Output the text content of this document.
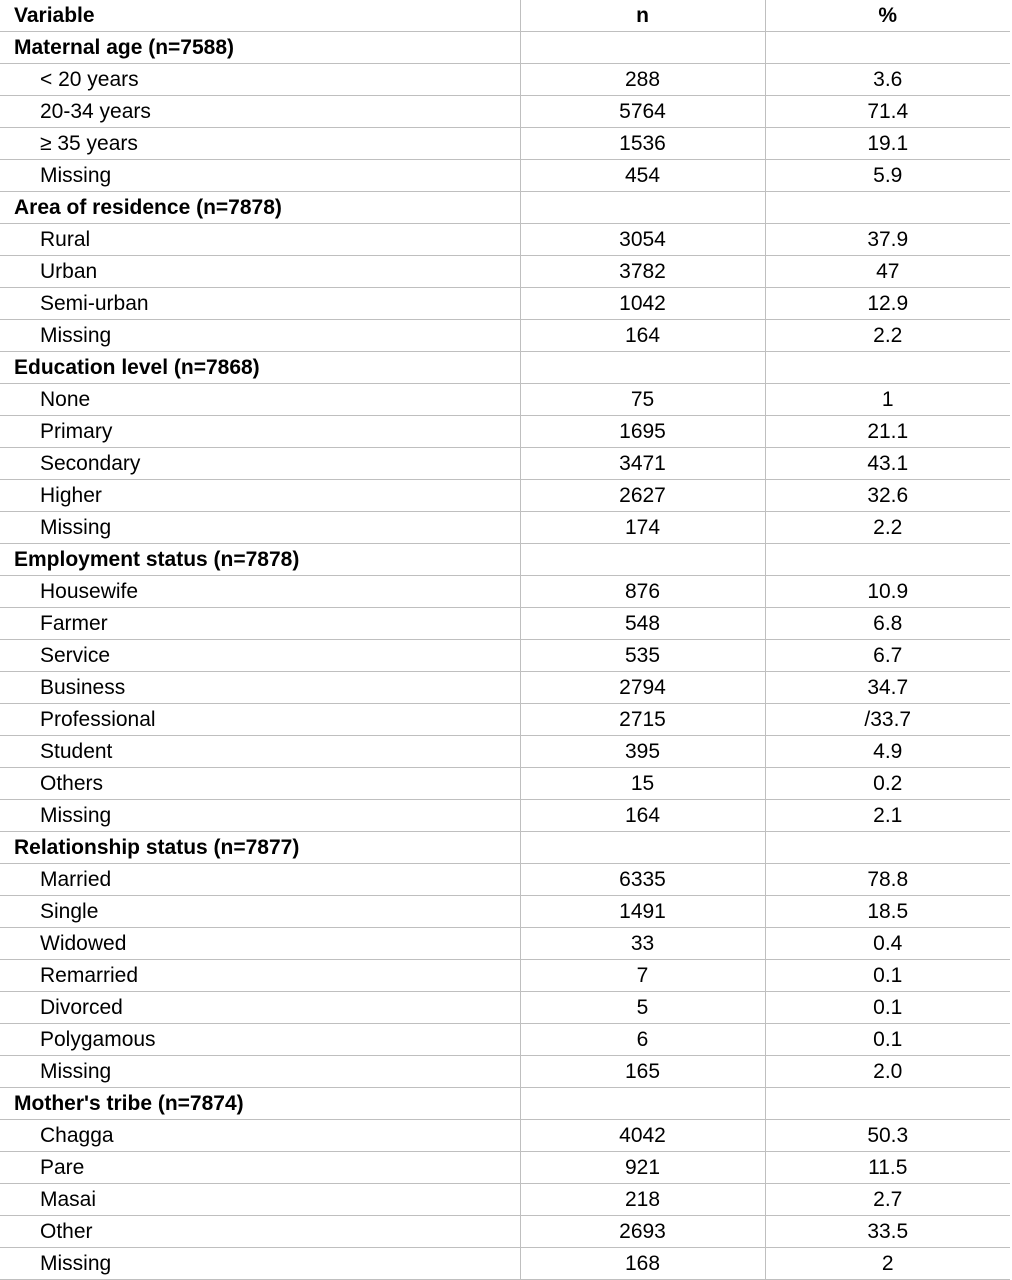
Variable	n	%
Maternal age (n=7588)		
< 20 years	288	3.6
20-34 years	5764	71.4
≥ 35 years	1536	19.1
Missing	454	5.9
Area of residence (n=7878)		
Rural	3054	37.9
Urban	3782	47
Semi-urban	1042	12.9
Missing	164	2.2
Education level (n=7868)		
None	75	1
Primary	1695	21.1
Secondary	3471	43.1
Higher	2627	32.6
Missing	174	2.2
Employment status (n=7878)		
Housewife	876	10.9
Farmer	548	6.8
Service	535	6.7
Business	2794	34.7
Professional	2715	/33.7
Student	395	4.9
Others	15	0.2
Missing	164	2.1
Relationship status (n=7877)		
Married	6335	78.8
Single	1491	18.5
Widowed	33	0.4
Remarried	7	0.1
Divorced	5	0.1
Polygamous	6	0.1
Missing	165	2.0
Mother's tribe (n=7874)		
Chagga	4042	50.3
Pare	921	11.5
Masai	218	2.7
Other	2693	33.5
Missing	168	2
